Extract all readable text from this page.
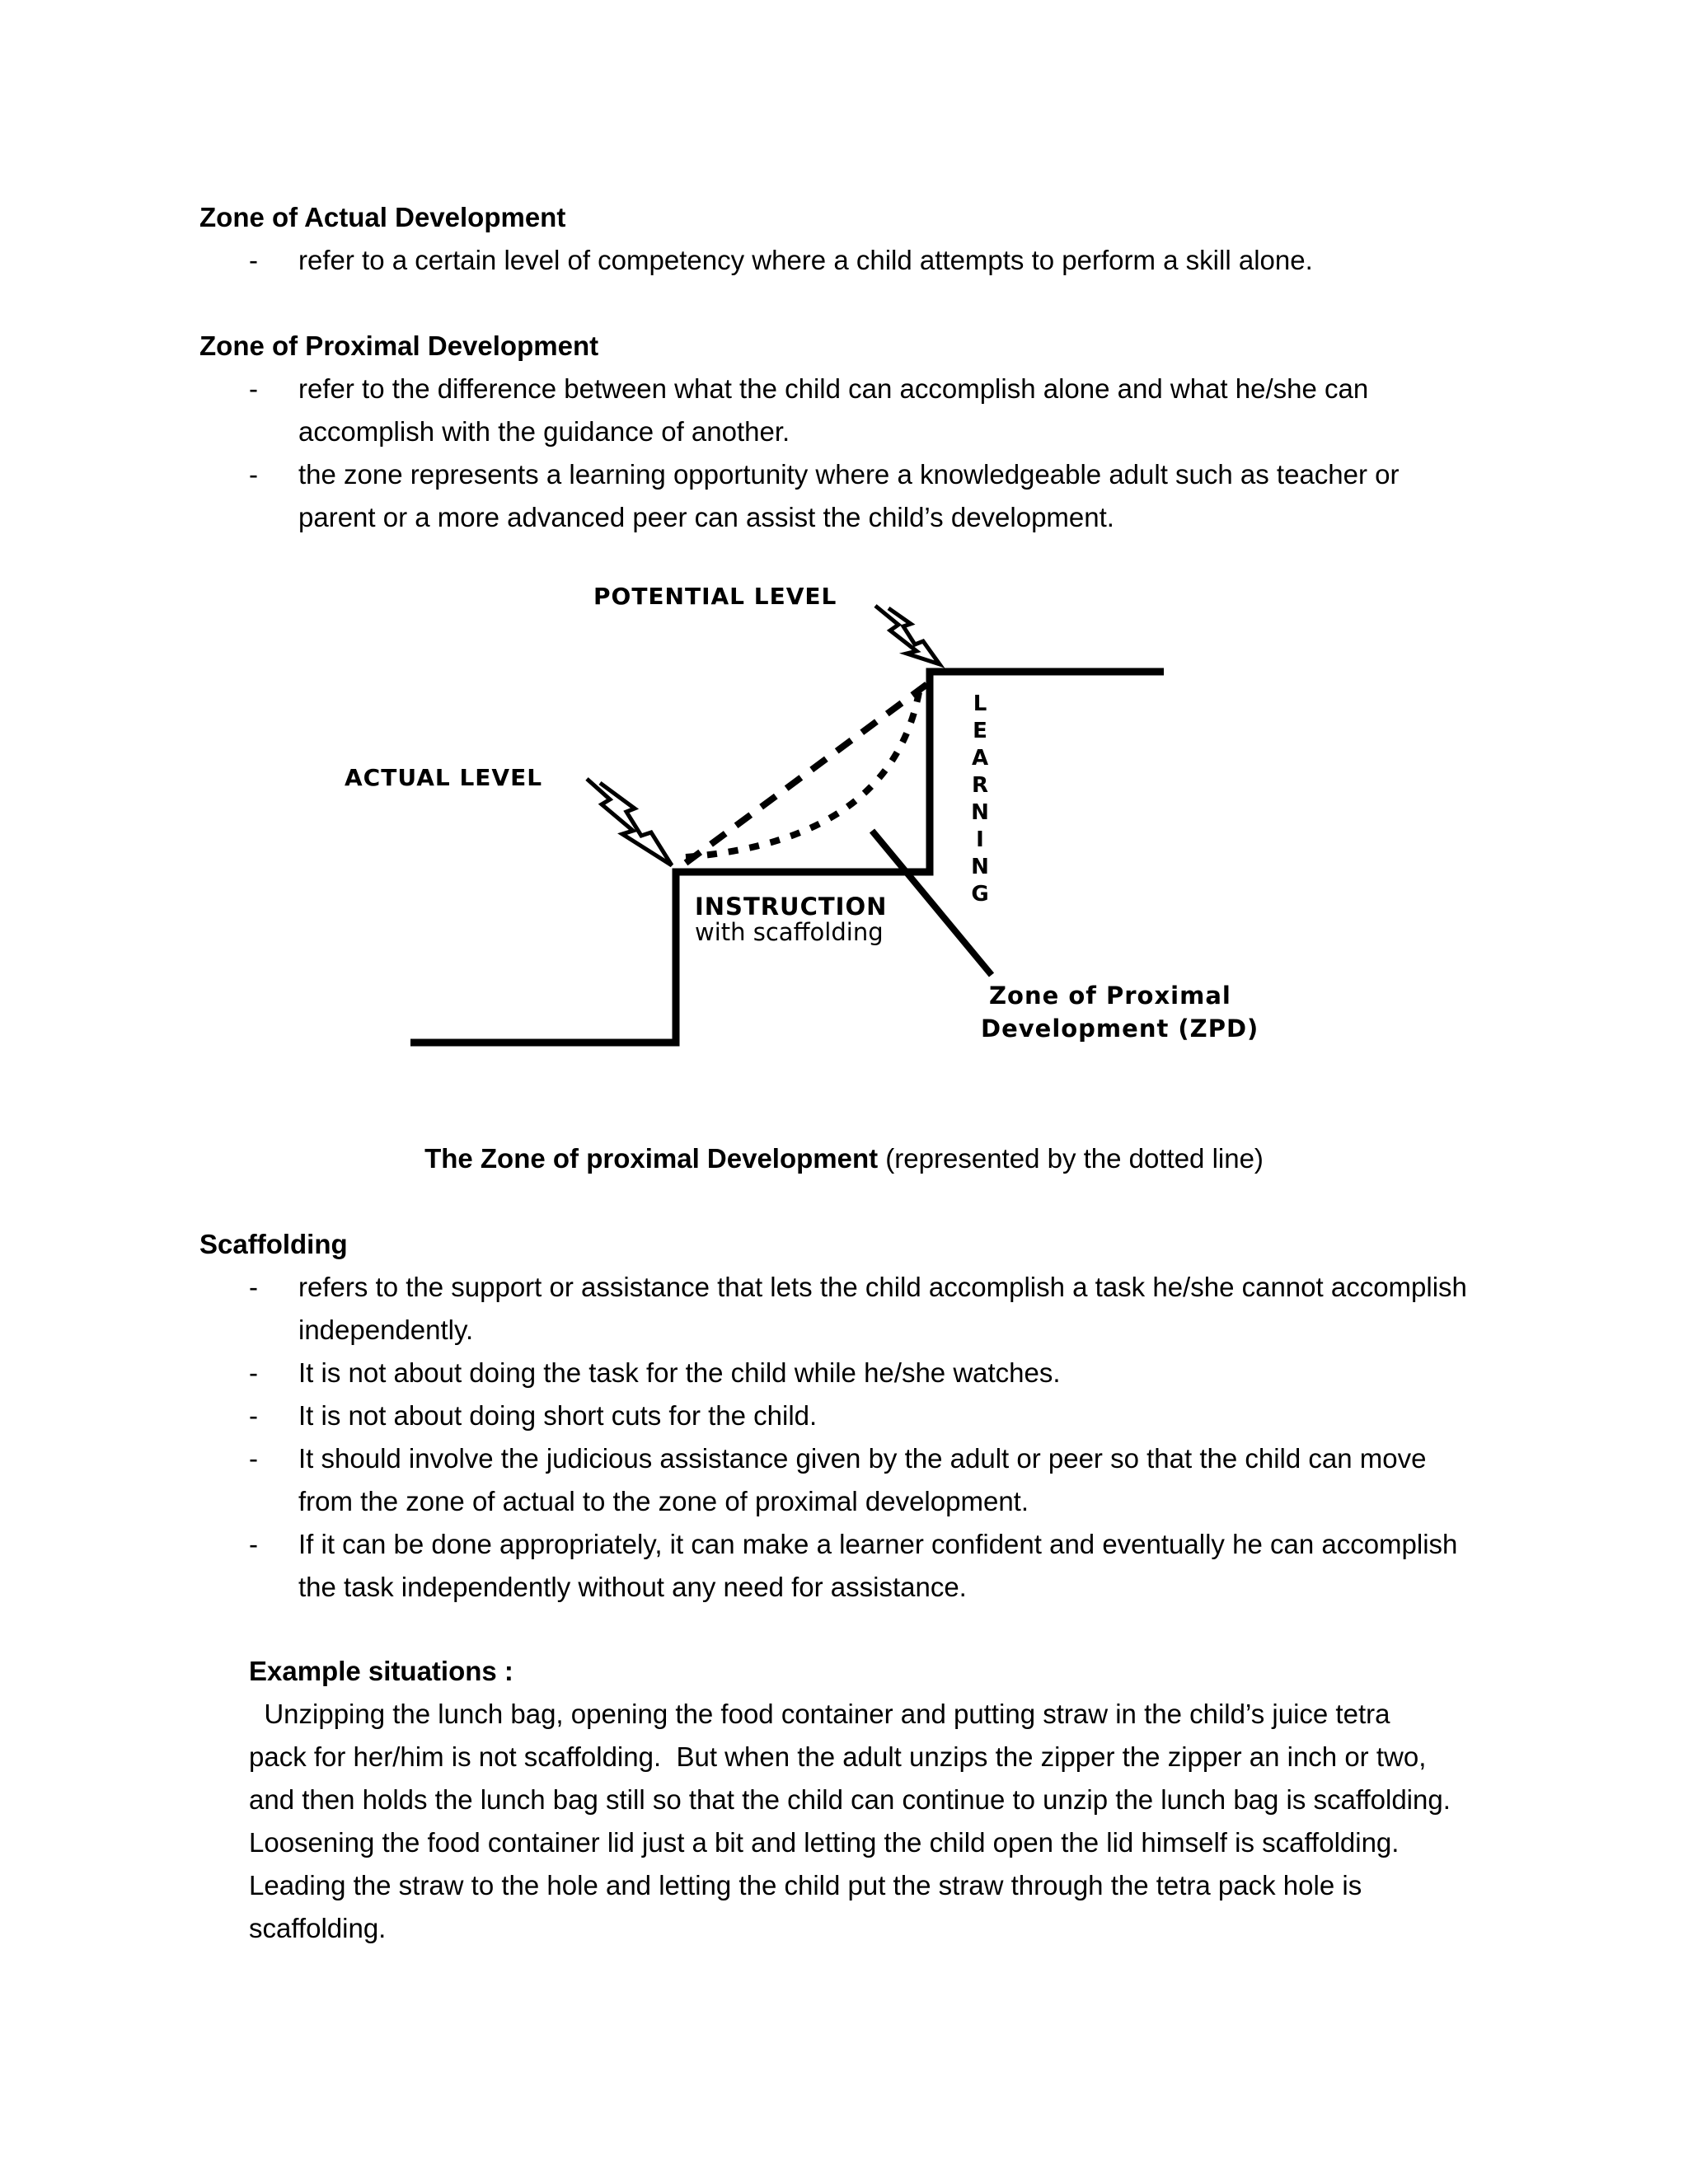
Zone of Actual Development
- refer to a certain level of competency where a child attempts to perform a skill alone.
Zone of Proximal Development
- refer to the difference between what the child can accomplish alone and what he/she can accomplish with the guidance of another.
- the zone represents a learning opportunity where a knowledgeable adult such as teacher or parent or a more advanced peer can assist the child’s development.
POTENTIAL LEVEL
ACTUAL LEVEL
INSTRUCTION
with scaffolding
L
E
A
R
N
I
N
G
Zone of Proximal
Development (ZPD)
The Zone of proximal Development (represented by the dotted line)
Scaffolding
- refers to the support or assistance that lets the child accomplish a task he/she cannot accomplish independently.
- It is not about doing the task for the child while he/she watches.
- It is not about doing short cuts for the child.
- It should involve the judicious assistance given by the adult or peer so that the child can move from the zone of actual to the zone of proximal development.
- If it can be done appropriately, it can make a learner confident and eventually he can accomplish the task independently without any need for assistance.
Example situations :
Unzipping the lunch bag, opening the food container and putting straw in the child’s juice tetra
pack for her/him is not scaffolding.  But when the adult unzips the zipper the zipper an inch or two,
and then holds the lunch bag still so that the child can continue to unzip the lunch bag is scaffolding.
Loosening the food container lid just a bit and letting the child open the lid himself is scaffolding.
Leading the straw to the hole and letting the child put the straw through the tetra pack hole is
scaffolding.
